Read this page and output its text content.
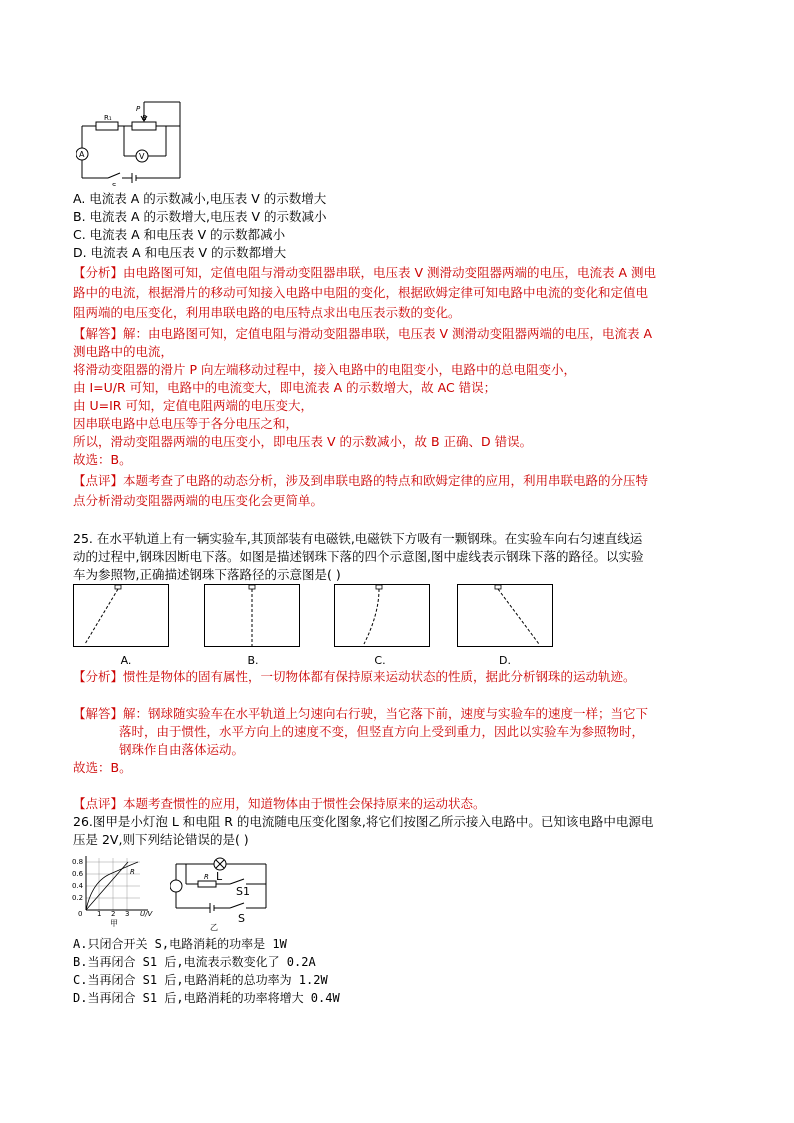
R₁
P
R
A	V
S
A. 电流表 A 的示数减小,电压表 V 的示数增大
B. 电流表 A 的示数增大,电压表 V 的示数减小
C. 电流表 A 和电压表 V 的示数都减小
D. 电流表 A 和电压表 V 的示数都增大
【分析】由电路图可知，定值电阻与滑动变阻器串联，电压表 V 测滑动变阻器两端的电压，电流表 A 测电
路中的电流，根据滑片的移动可知接入电路中电阻的变化，根据欧姆定律可知电路中电流的变化和定值电
阻两端的电压变化，利用串联电路的电压特点求出电压表示数的变化。
【解答】解：由电路图可知，定值电阻与滑动变阻器串联，电压表 V 测滑动变阻器两端的电压，电流表 A
测电路中的电流，
将滑动变阻器的滑片 P 向左端移动过程中，接入电路中的电阻变小，电路中的总电阻变小，
由 I=U/R 可知，电路中的电流变大，即电流表 A 的示数增大，故 AC 错误；
由 U=IR 可知，定值电阻两端的电压变大，
因串联电路中总电压等于各分电压之和，
所以，滑动变阻器两端的电压变小，即电压表 V 的示数减小，故 B 正确、D 错误。
故选：B。
【点评】本题考查了电路的动态分析，涉及到串联电路的特点和欧姆定律的应用，利用串联电路的分压特
点分析滑动变阻器两端的电压变化会更简单。
25. 在水平轨道上有一辆实验车,其顶部装有电磁铁,电磁铁下方吸有一颗钢珠。在实验车向右匀速直线运
动的过程中,钢珠因断电下落。如图是描述钢珠下落的四个示意图,图中虚线表示钢珠下落的路径。以实验
车为参照物,正确描述钢珠下落路径的示意图是( )
A.	B.	C.	D.
【分析】惯性是物体的固有属性，一切物体都有保持原来运动状态的性质，据此分析钢珠的运动轨迹。
【解答】解：钢球随实验车在水平轨道上匀速向右行驶，当它落下前，速度与实验车的速度一样；当它下
落时，由于惯性，水平方向上的速度不变，但竖直方向上受到重力，因此以实验车为参照物时，
钢珠作自由落体运动。
故选：B。
【点评】本题考查惯性的应用，知道物体由于惯性会保持原来的运动状态。
26.图甲是小灯泡 L 和电阻 R 的电流随电压变化图象,将它们按图乙所示接入电路中。已知该电路中电源电
压是 2V,则下列结论错误的是( )
0.8
0.6
0.4
0.2
0 1 2 3 U/V
R
甲
L
R
S1
S
乙
A.只闭合开关 S,电路消耗的功率是 1W
B.当再闭合 S1 后,电流表示数变化了 0.2A
C.当再闭合 S1 后,电路消耗的总功率为 1.2W
D.当再闭合 S1 后,电路消耗的功率将增大 0.4W
